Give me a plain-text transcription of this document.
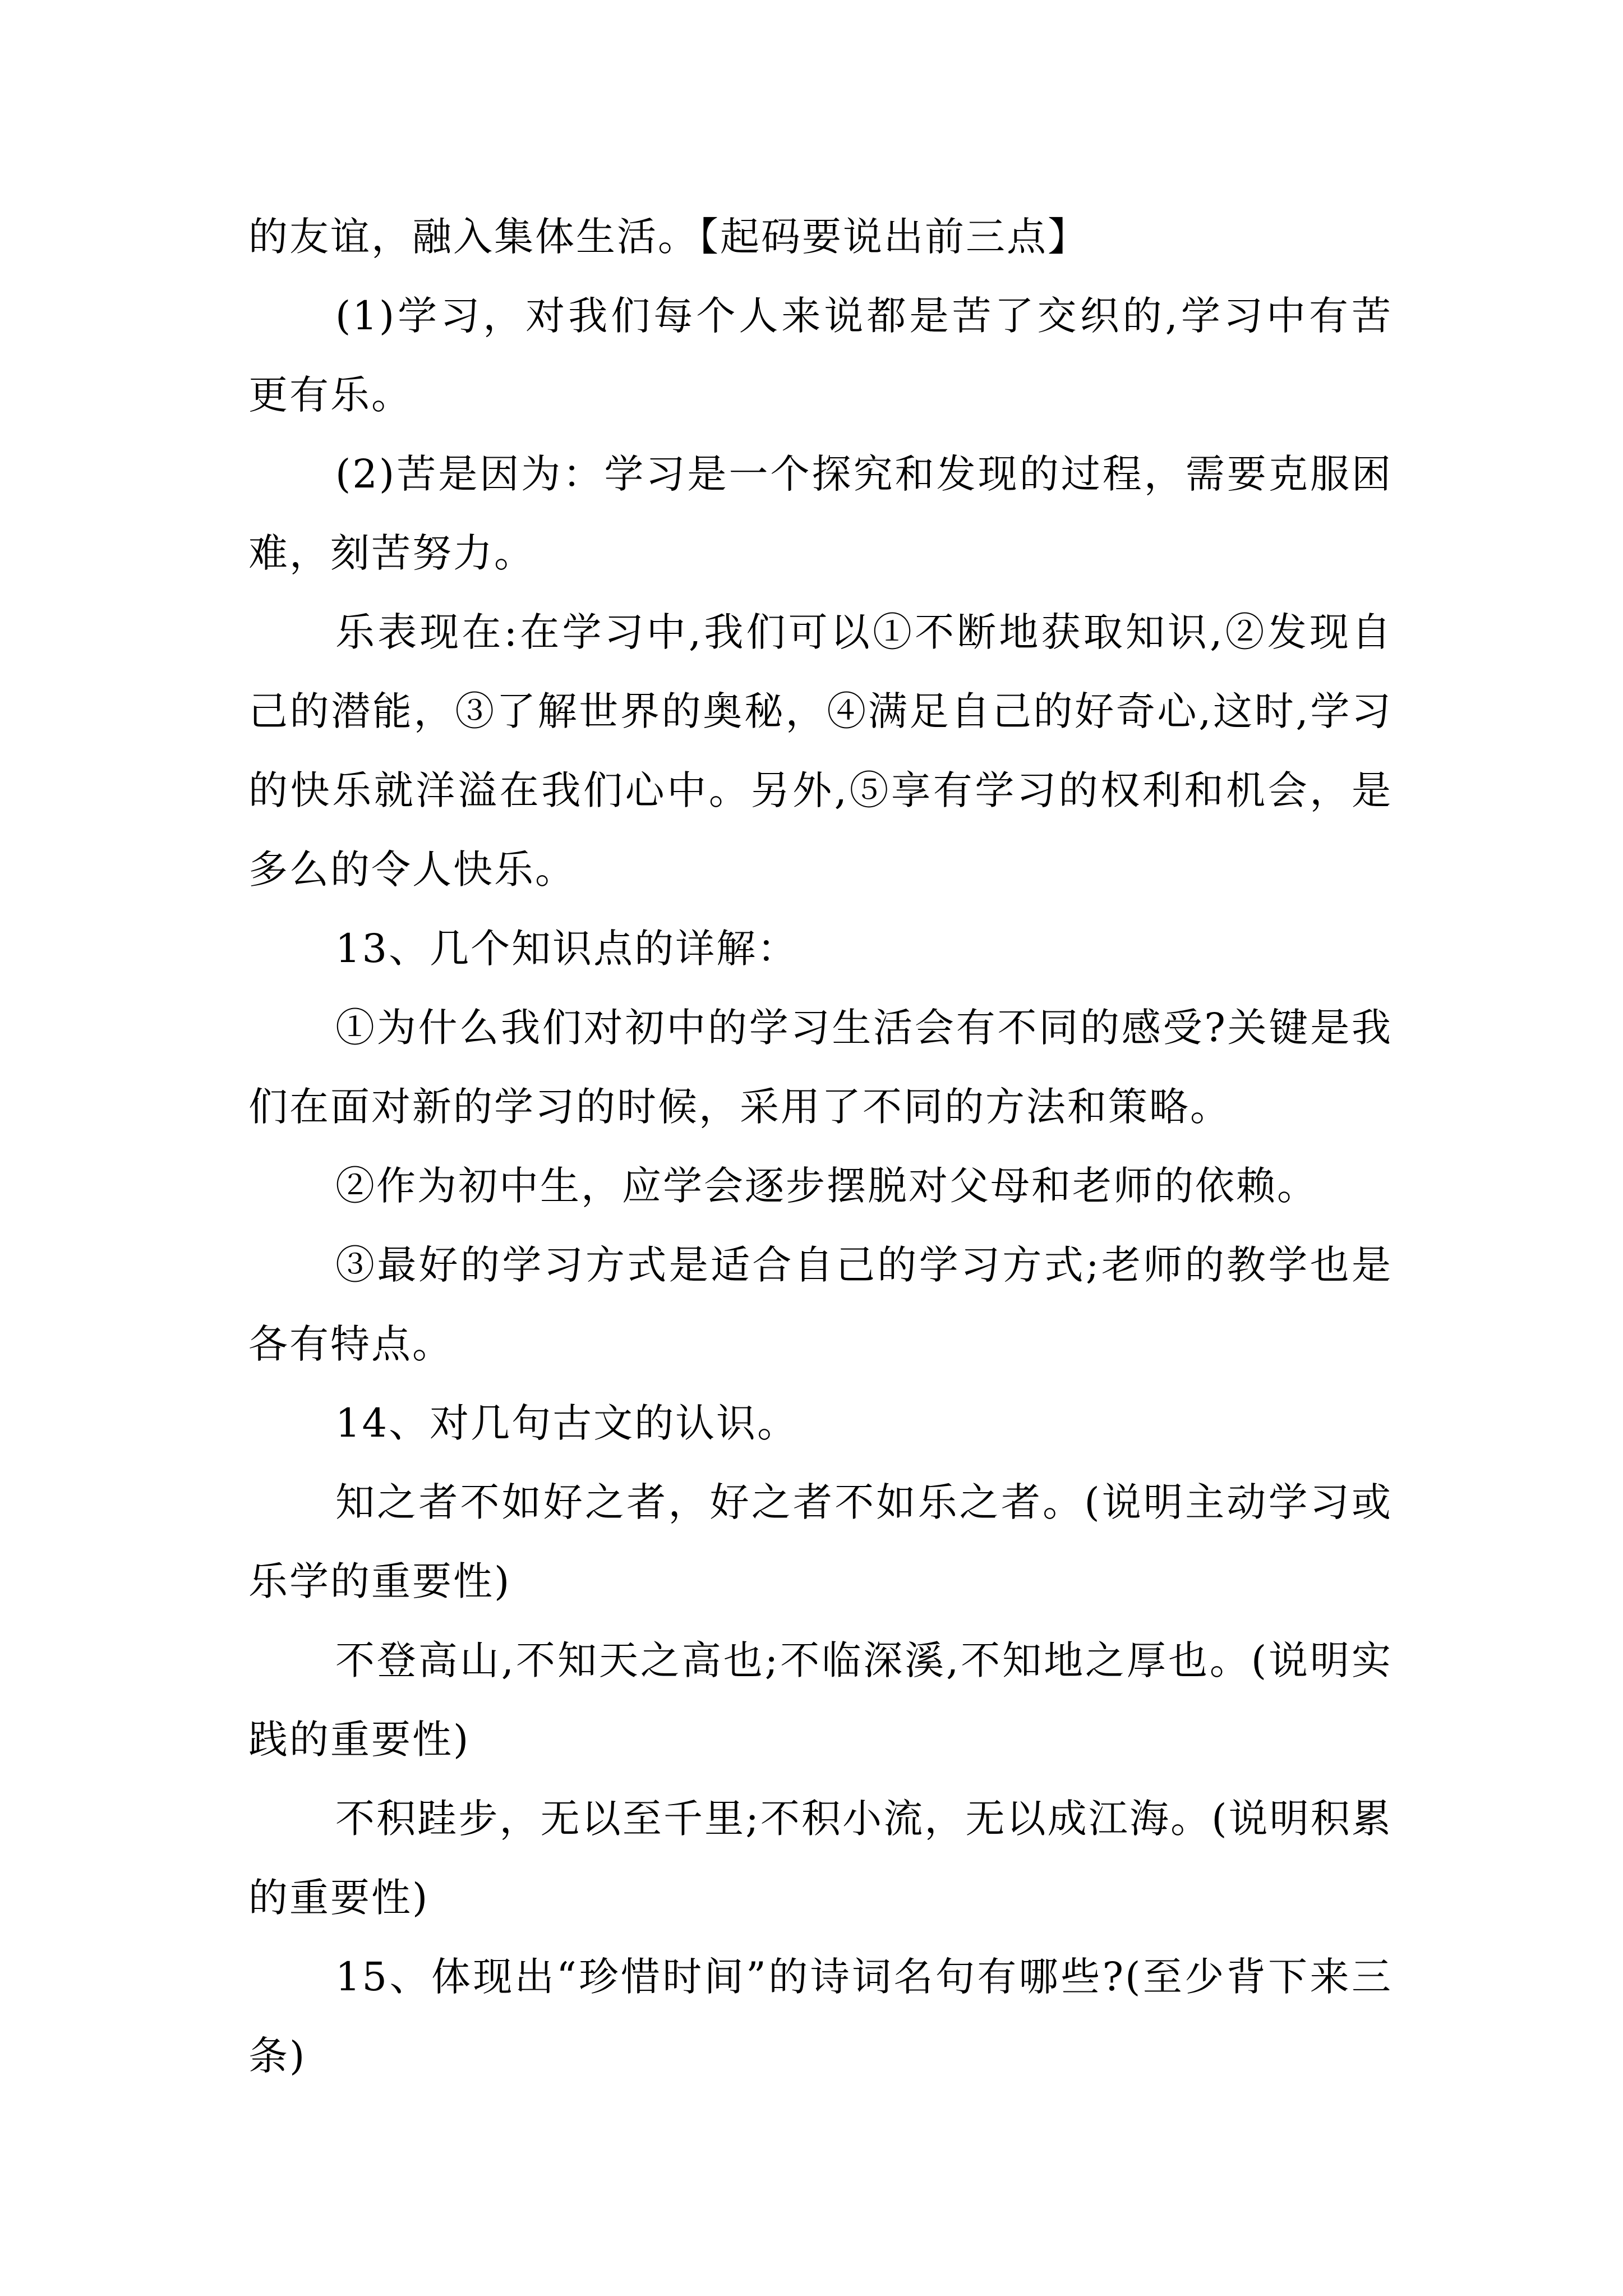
的友谊，融入集体生活。【起码要说出前三点】

(1)学习，对我们每个人来说都是苦了交织的,学习中有苦更有乐。

(2)苦是因为：学习是一个探究和发现的过程，需要克服困难，刻苦努力。

乐表现在:在学习中,我们可以①不断地获取知识,②发现自己的潜能，③了解世界的奥秘，④满足自己的好奇心,这时,学习的快乐就洋溢在我们心中。另外,⑤享有学习的权利和机会，是多么的令人快乐。

13、几个知识点的详解：

①为什么我们对初中的学习生活会有不同的感受?关键是我们在面对新的学习的时候，采用了不同的方法和策略。

②作为初中生，应学会逐步摆脱对父母和老师的依赖。

③最好的学习方式是适合自己的学习方式;老师的教学也是各有特点。

14、对几句古文的认识。

知之者不如好之者，好之者不如乐之者。(说明主动学习或乐学的重要性)

不登高山,不知天之高也;不临深溪,不知地之厚也。(说明实践的重要性)

不积跬步，无以至千里;不积小流，无以成江海。(说明积累的重要性)

15、体现出“珍惜时间”的诗词名句有哪些?(至少背下来三条)
